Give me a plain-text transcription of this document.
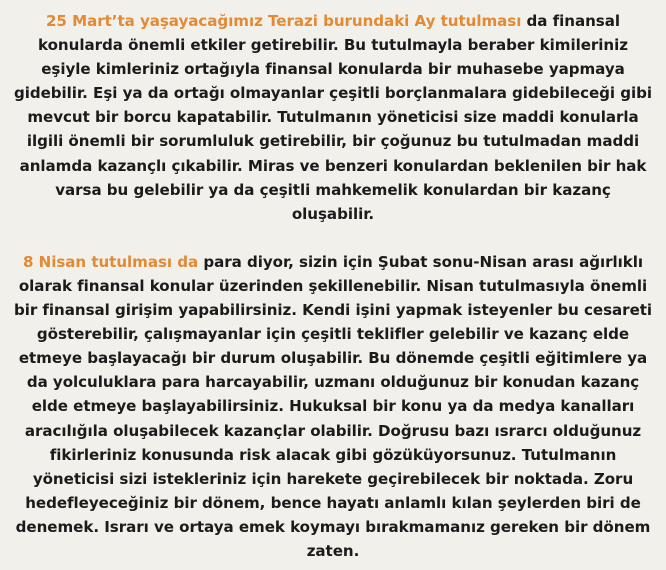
25 Mart’ta yaşayacağımız Terazi burundaki Ay tutulması da finansal konularda önemli etkiler getirebilir. Bu tutulmayla beraber kimileriniz eşiyle kimleriniz ortağıyla finansal konularda bir muhasebe yapmaya gidebilir. Eşi ya da ortağı olmayanlar çeşitli borçlanmalara gidebileceği gibi mevcut bir borcu kapatabilir. Tutulmanın yöneticisi size maddi konularla ilgili önemli bir sorumluluk getirebilir, bir çoğunuz bu tutulmadan maddi anlamda kazançlı çıkabilir. Miras ve benzeri konulardan beklenilen bir hak varsa bu gelebilir ya da çeşitli mahkemelik konulardan bir kazanç oluşabilir.

8 Nisan tutulması da para diyor, sizin için Şubat sonu-Nisan arası ağırlıklı olarak finansal konular üzerinden şekillenebilir. Nisan tutulmasıyla önemli bir finansal girişim yapabilirsiniz. Kendi işini yapmak isteyenler bu cesareti gösterebilir, çalışmayanlar için çeşitli teklifler gelebilir ve kazanç elde etmeye başlayacağı bir durum oluşabilir. Bu dönemde çeşitli eğitimlere ya da yolculuklara para harcayabilir, uzmanı olduğunuz bir konudan kazanç elde etmeye başlayabilirsiniz. Hukuksal bir konu ya da medya kanalları aracılığıla oluşabilecek kazançlar olabilir. Doğrusu bazı ısrarcı olduğunuz fikirleriniz konusunda risk alacak gibi gözüküyorsunuz. Tutulmanın yöneticisi sizi istekleriniz için harekete geçirebilecek bir noktada. Zoru hedefleyeceğiniz bir dönem, bence hayatı anlamlı kılan şeylerden biri de denemek. Israrı ve ortaya emek koymayı bırakmamanız gereken bir dönem zaten.
